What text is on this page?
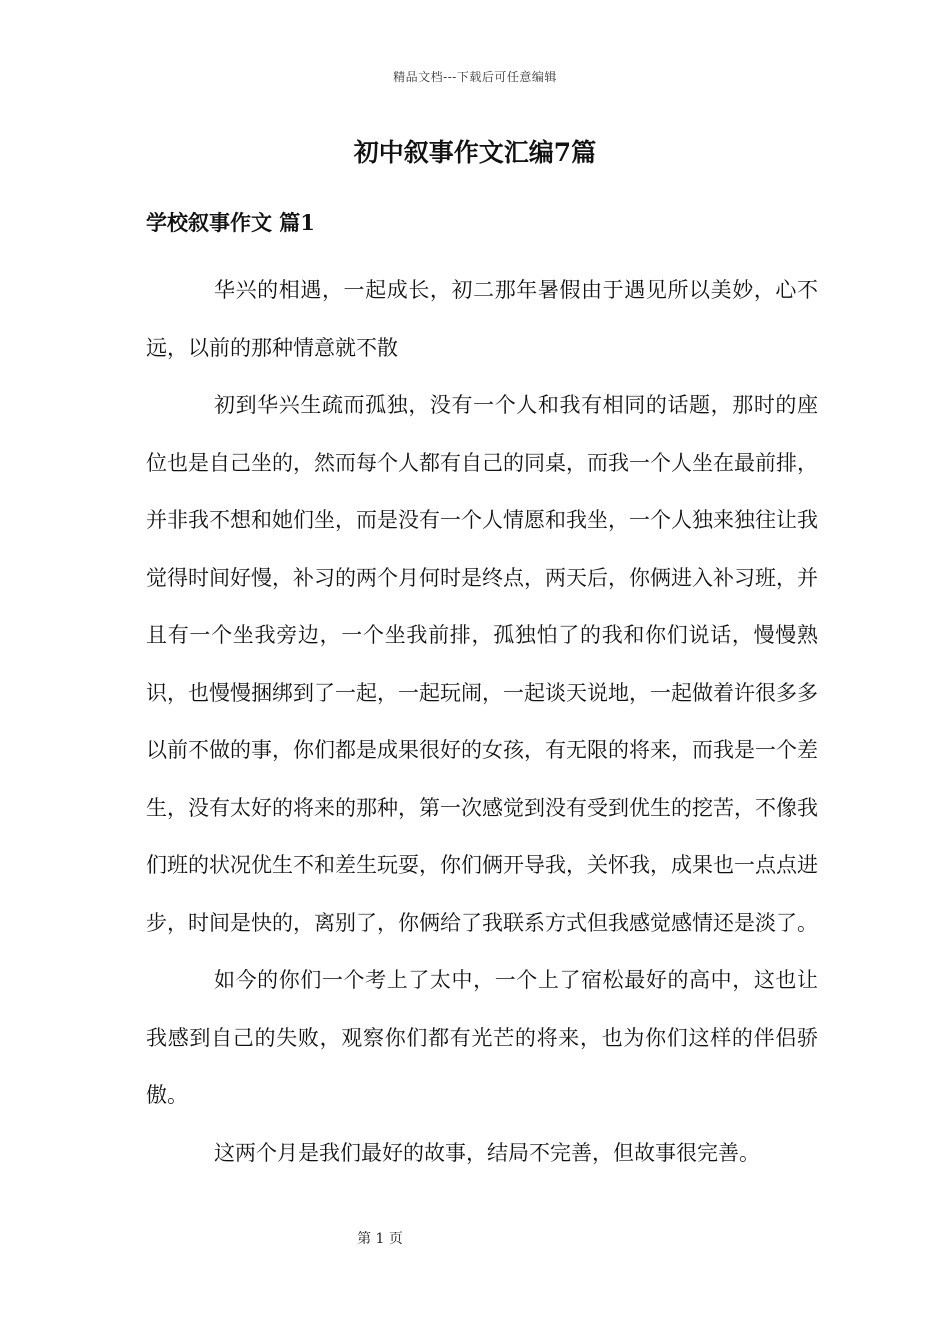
精品文档---下载后可任意编辑
初中叙事作文汇编7篇
学校叙事作文 篇1

华兴的相遇，一起成长，初二那年暑假由于遇见所以美妙，心不远，以前的那种情意就不散

初到华兴生疏而孤独，没有一个人和我有相同的话题，那时的座位也是自己坐的，然而每个人都有自己的同桌，而我一个人坐在最前排，并非我不想和她们坐，而是没有一个人情愿和我坐，一个人独来独往让我觉得时间好慢，补习的两个月何时是终点，两天后，你俩进入补习班，并且有一个坐我旁边，一个坐我前排，孤独怕了的我和你们说话，慢慢熟识，也慢慢捆绑到了一起，一起玩闹，一起谈天说地，一起做着许很多多以前不做的事，你们都是成果很好的女孩，有无限的将来，而我是一个差生，没有太好的将来的那种，第一次感觉到没有受到优生的挖苦，不像我们班的状况优生不和差生玩耍，你们俩开导我，关怀我，成果也一点点进步，时间是快的，离别了，你俩给了我联系方式但我感觉感情还是淡了。

如今的你们一个考上了太中，一个上了宿松最好的高中，这也让我感到自己的失败，观察你们都有光芒的将来，也为你们这样的伴侣骄傲。

这两个月是我们最好的故事，结局不完善，但故事很完善。

第 1 页
